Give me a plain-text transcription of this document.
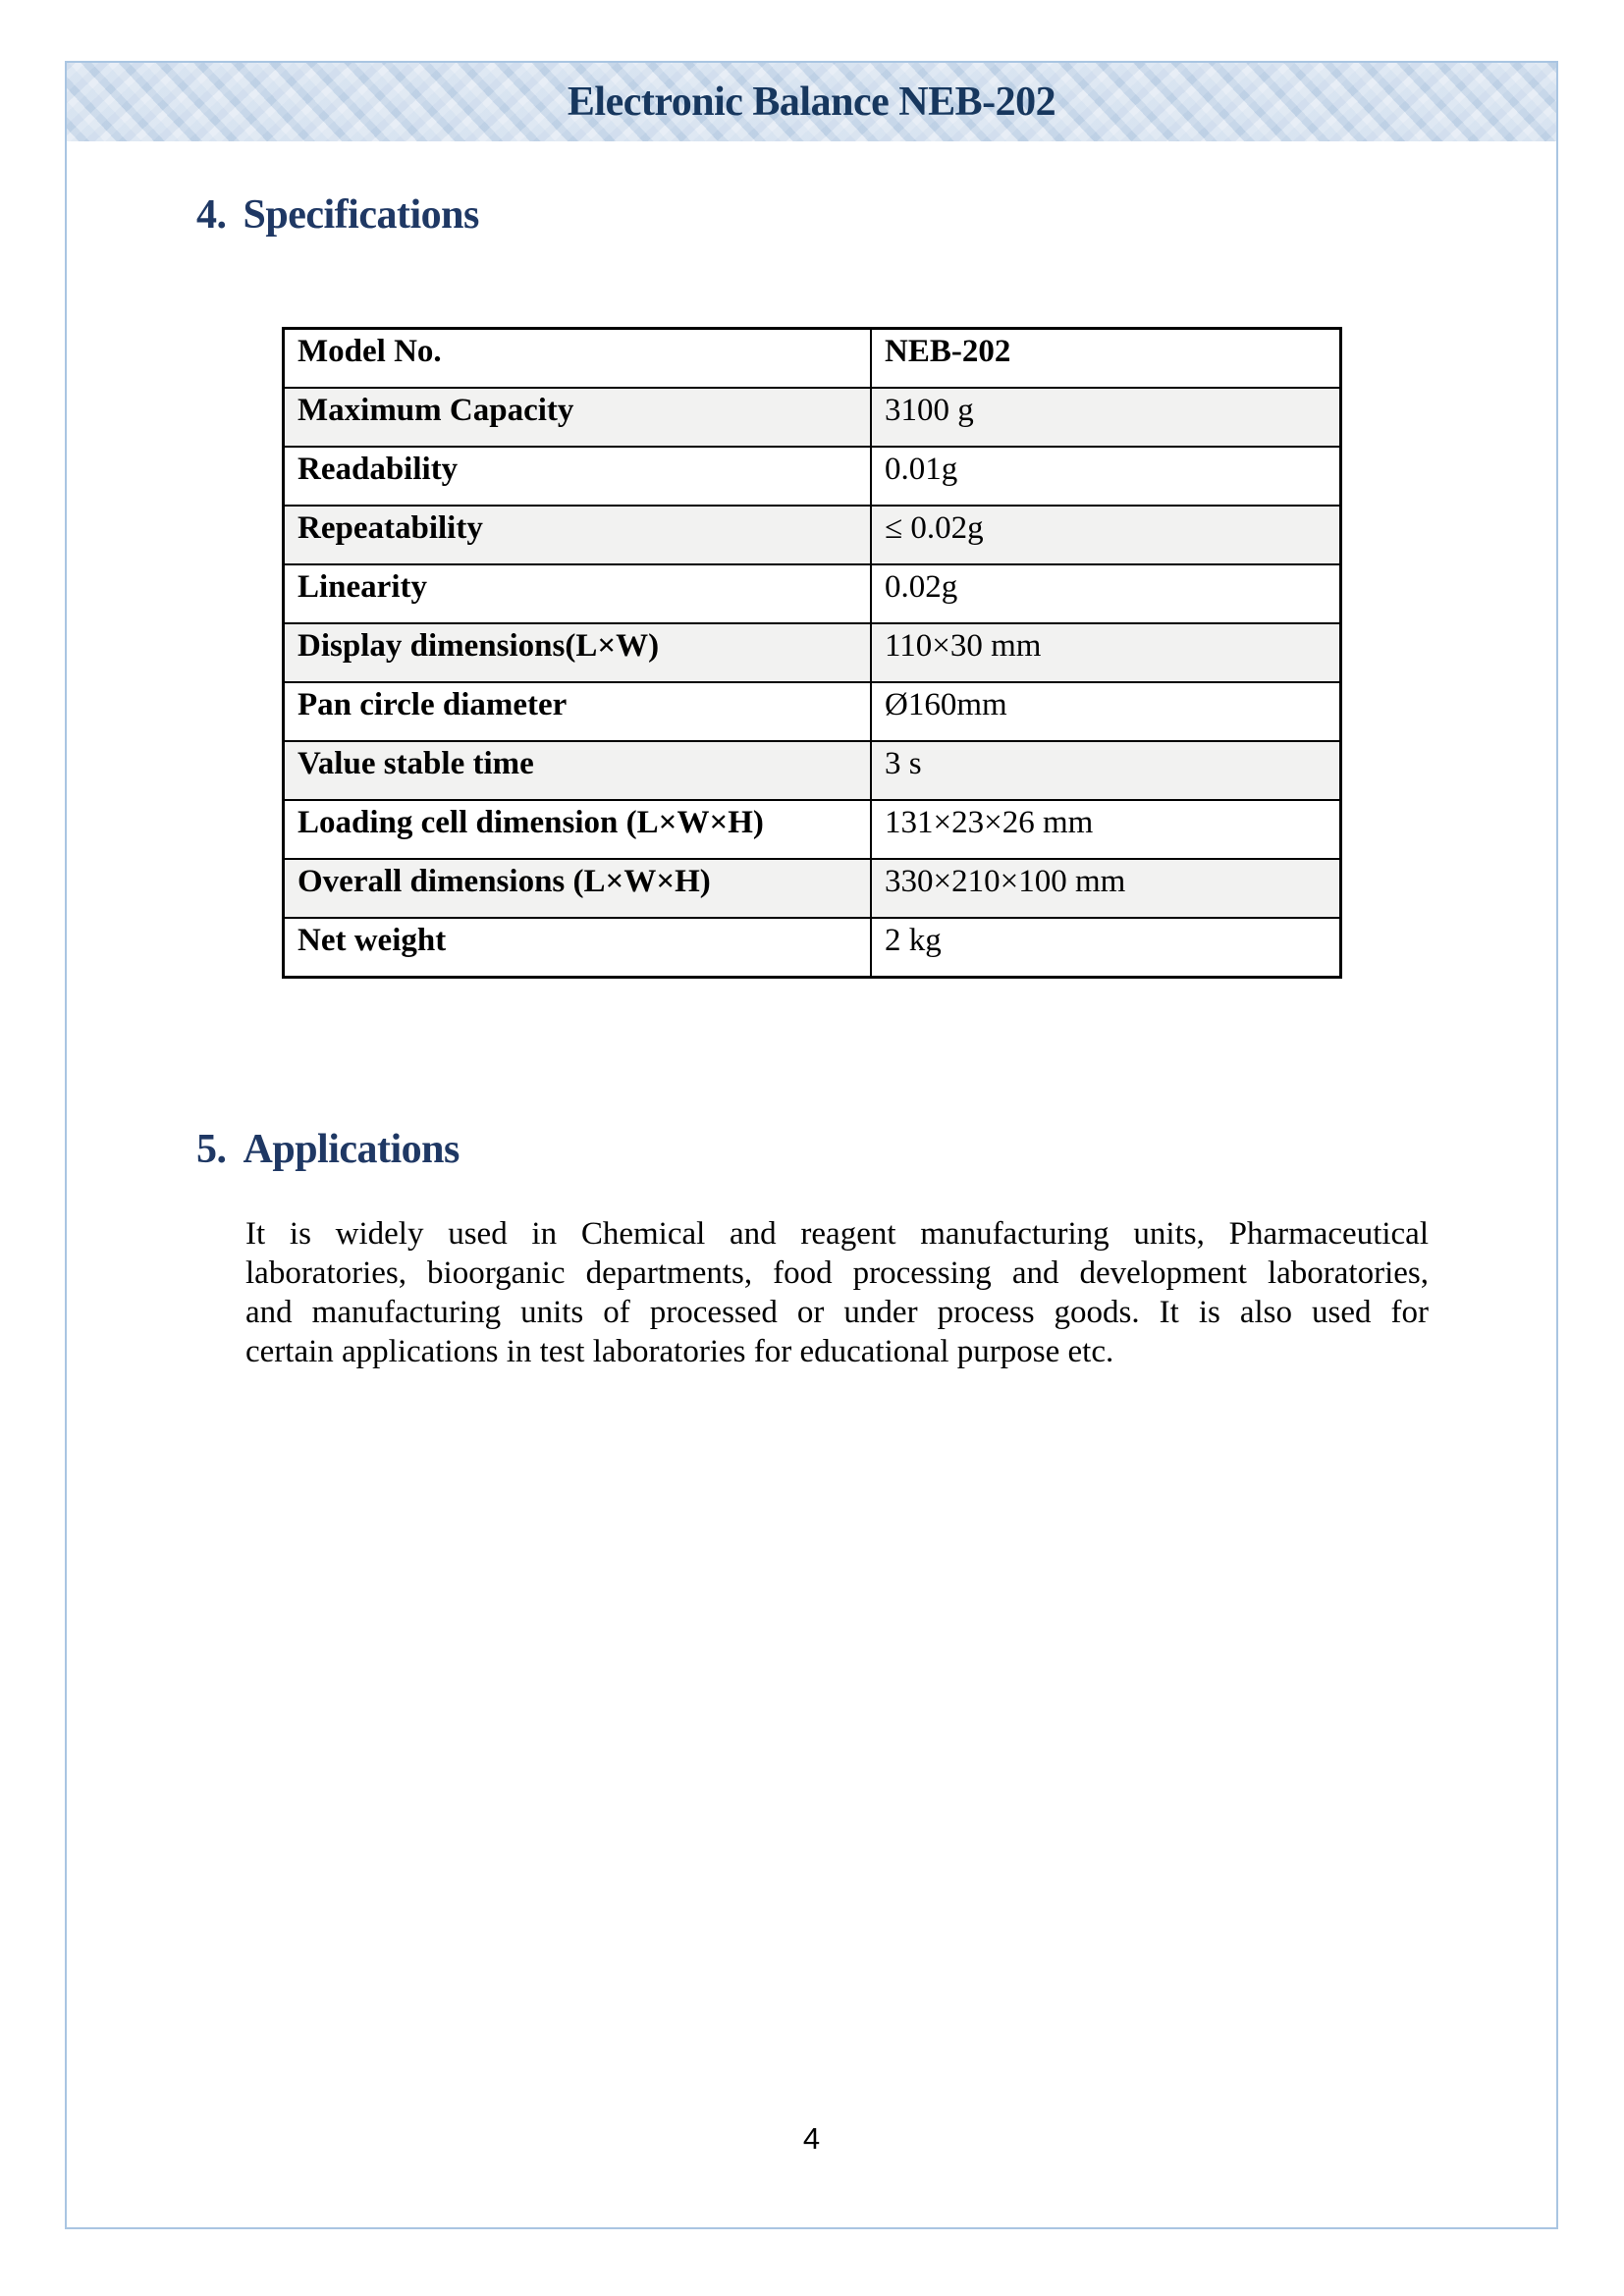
Electronic Balance NEB-202
4. Specifications
Model No.	NEB-202
Maximum Capacity	3100 g
Readability	0.01g
Repeatability	≤ 0.02g
Linearity	0.02g
Display dimensions(L×W)	110×30 mm
Pan circle diameter	Ø160mm
Value stable time	3 s
Loading cell dimension (L×W×H)	131×23×26 mm
Overall dimensions (L×W×H)	330×210×100 mm
Net weight	2 kg
5. Applications
It is widely used in Chemical and reagent manufacturing units, Pharmaceutical
laboratories, bioorganic departments, food processing and development laboratories,
and manufacturing units of processed or under process goods. It is also used for
certain applications in test laboratories for educational purpose etc.
4
